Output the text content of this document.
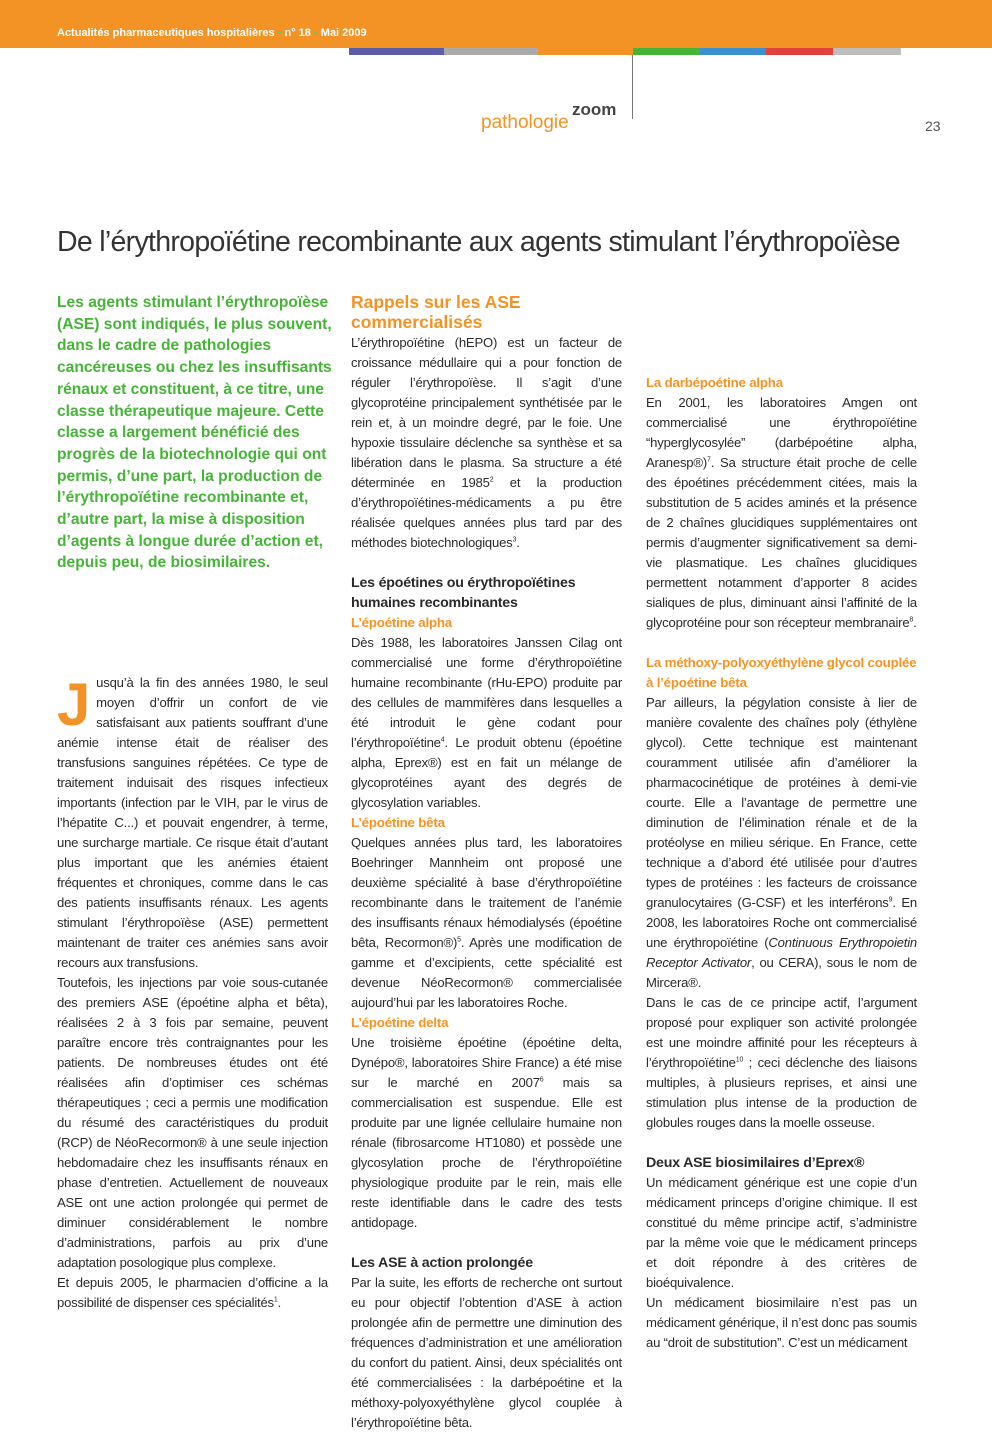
Actualités pharmaceutiques hospitalières • n° 18 • Mai 2009
pathologie
zoom
23
De l’érythropoïétine recombinante aux agents stimulant l’érythropoïèse
Les agents stimulant l’érythropoïèse (ASE) sont indiqués, le plus souvent, dans le cadre de pathologies cancéreuses ou chez les insuffisants rénaux et constituent, à ce titre, une classe thérapeutique majeure. Cette classe a largement bénéficié des progrès de la biotechnologie qui ont permis, d’une part, la production de l’érythropoïétine recombinante et, d’autre part, la mise à disposition d’agents à longue durée d’action et, depuis peu, de biosimilaires.

Jusqu’à la fin des années 1980, le seul moyen d’offrir un confort de vie satisfaisant aux patients souffrant d’une anémie intense était de réaliser des transfusions sanguines répétées. Ce type de traitement induisait des risques infectieux importants (infection par le VIH, par le virus de l’hépatite C...) et pouvait engendrer, à terme, une surcharge martiale. Ce risque était d’autant plus important que les anémies étaient fréquentes et chroniques, comme dans le cas des patients insuffisants rénaux. Les agents stimulant l’érythropoïèse (ASE) permettent maintenant de traiter ces anémies sans avoir recours aux transfusions.

Toutefois, les injections par voie sous-cutanée des premiers ASE (époétine alpha et bêta), réalisées 2 à 3 fois par semaine, peuvent paraître encore très contraignantes pour les patients. De nombreuses études ont été réalisées afin d’optimiser ces schémas thérapeutiques ; ceci a permis une modification du résumé des caractéristiques du produit (RCP) de NéoRecormon® à une seule injection hebdomadaire chez les insuffisants rénaux en phase d’entretien. Actuellement de nouveaux ASE ont une action prolongée qui permet de diminuer considérablement le nombre d’administrations, parfois au prix d’une adaptation posologique plus complexe.

Et depuis 2005, le pharmacien d’officine a la possibilité de dispenser ces spécialités$^1$.

Rappels sur les ASE commercialisés

L’érythropoïétine (hEPO) est un facteur de croissance médullaire qui a pour fonction de réguler l’érythropoïèse. Il s’agit d’une glycoprotéine principalement synthétisée par le rein et, à un moindre degré, par le foie. Une hypoxie tissulaire déclenche sa synthèse et sa libération dans le plasma. Sa structure a été déterminée en 1985$^2$ et la production d’érythropoïétines-médicaments a pu être réalisée quelques années plus tard par des méthodes biotechnologiques$^3$.

Les époétines ou érythropoïétines humaines recombinantes
L’époétine alpha

Dès 1988, les laboratoires Janssen Cilag ont commercialisé une forme d’érythropoïétine humaine recombinante (rHu-EPO) produite par des cellules de mammifères dans lesquelles a été introduit le gène codant pour l’érythropoïétine$^4$. Le produit obtenu (époétine alpha, Eprex®) est en fait un mélange de glycoprotéines ayant des degrés de glycosylation variables.

L’époétine bêta

Quelques années plus tard, les laboratoires Boehringer Mannheim ont proposé une deuxième spécialité à base d’érythropoïétine recombinante dans le traitement de l’anémie des insuffisants rénaux hémodialysés (époétine bêta, Recormon®)$^5$. Après une modification de gamme et d’excipients, cette spécialité est devenue NéoRecormon® commercialisée aujourd’hui par les laboratoires Roche.

L’époétine delta

Une troisième époétine (époétine delta, Dynépo®, laboratoires Shire France) a été mise sur le marché en 2007$^6$ mais sa commercialisation est suspendue. Elle est produite par une lignée cellulaire humaine non rénale (fibrosarcome HT1080) et possède une glycosylation proche de l’érythropoïétine physiologique produite par le rein, mais elle reste identifiable dans le cadre des tests antidopage.

Les ASE à action prolongée

Par la suite, les efforts de recherche ont surtout eu pour objectif l’obtention d’ASE à action prolongée afin de permettre une diminution des fréquences d’administration et une amélioration du confort du patient. Ainsi, deux spécialités ont été commercialisées : la darbépoétine et la méthoxy-polyoxyéthylène glycol couplée à l’érythropoïétine bêta.

La darbépoétine alpha

En 2001, les laboratoires Amgen ont commercialisé une érythropoïétine “hyperglycosylée” (darbépoétine alpha, Aranesp®)$^7$. Sa structure était proche de celle des époétines précédemment citées, mais la substitution de 5 acides aminés et la présence de 2 chaînes glucidiques supplémentaires ont permis d’augmenter significativement sa demi-vie plasmatique. Les chaînes glucidiques permettent notamment d’apporter 8 acides sialiques de plus, diminuant ainsi l’affinité de la glycoprotéine pour son récepteur membranaire$^8$.

La méthoxy-polyoxyéthylène glycol couplée à l’époétine bêta

Par ailleurs, la pégylation consiste à lier de manière covalente des chaînes poly (éthylène glycol). Cette technique est maintenant couramment utilisée afin d’améliorer la pharmacocinétique de protéines à demi-vie courte. Elle a l’avantage de permettre une diminution de l’élimination rénale et de la protéolyse en milieu sérique. En France, cette technique a d’abord été utilisée pour d’autres types de protéines : les facteurs de croissance granulocytaires (G-CSF) et les interférons$^9$. En 2008, les laboratoires Roche ont commercialisé une érythropoïétine (Continuous Erythropoietin Receptor Activator, ou CERA), sous le nom de Mircera®.

Dans le cas de ce principe actif, l’argument proposé pour expliquer son activité prolongée est une moindre affinité pour les récepteurs à l’érythropoïétine$^{10}$ ; ceci déclenche des liaisons multiples, à plusieurs reprises, et ainsi une stimulation plus intense de la production de globules rouges dans la moelle osseuse.

Deux ASE biosimilaires d’Eprex®

Un médicament générique est une copie d’un médicament princeps d’origine chimique. Il est constitué du même principe actif, s’administre par la même voie que le médicament princeps et doit répondre à des critères de bioéquivalence.

Un médicament biosimilaire n’est pas un médicament générique, il n’est donc pas soumis au “droit de substitution”. C’est un médicament
